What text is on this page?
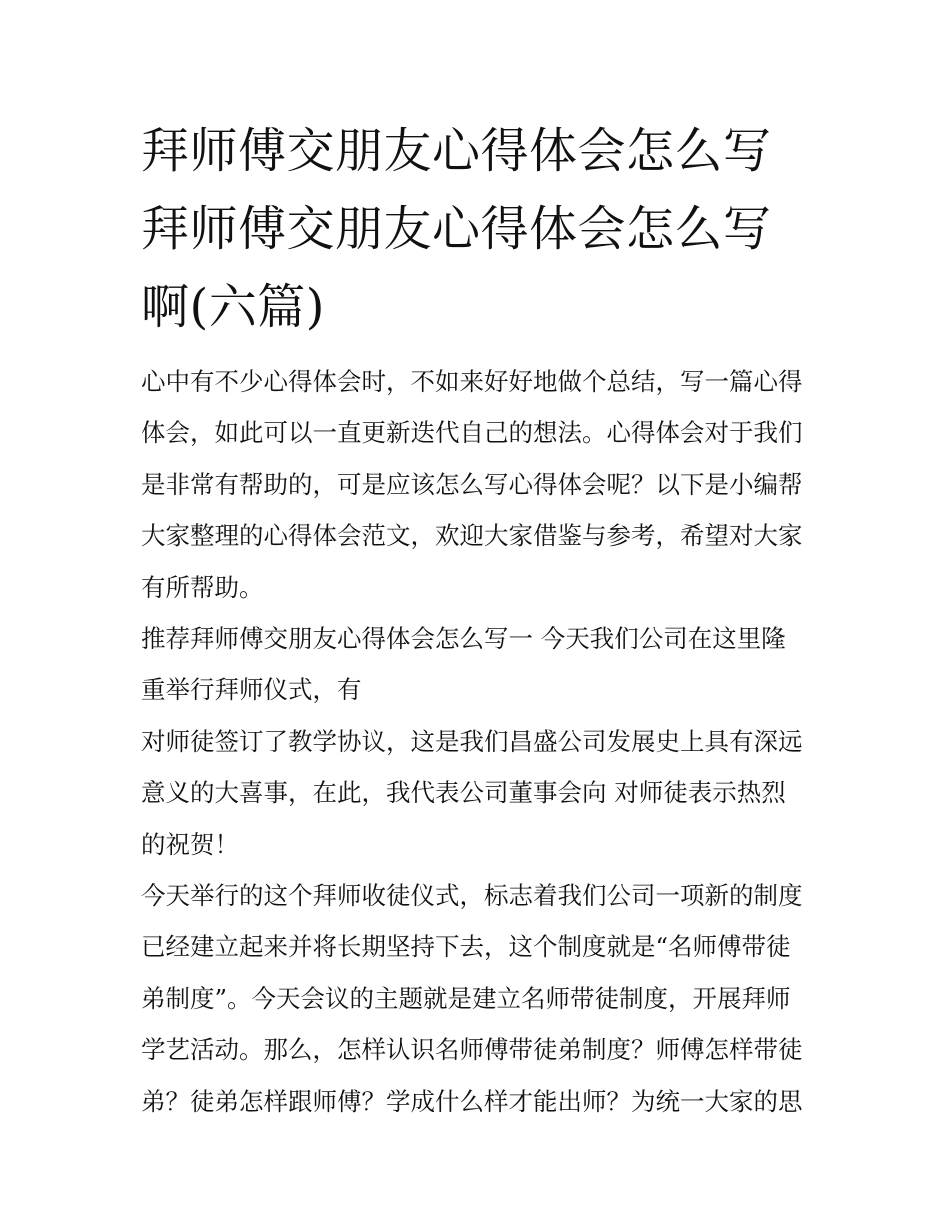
拜师傅交朋友心得体会怎么写
拜师傅交朋友心得体会怎么写
啊(六篇)

心中有不少心得体会时，不如来好好地做个总结，写一篇心得
体会，如此可以一直更新迭代自己的想法。心得体会对于我们
是非常有帮助的，可是应该怎么写心得体会呢？以下是小编帮
大家整理的心得体会范文，欢迎大家借鉴与参考，希望对大家
有所帮助。

推荐拜师傅交朋友心得体会怎么写一 今天我们公司在这里隆
重举行拜师仪式，有

对师徒签订了教学协议，这是我们昌盛公司发展史上具有深远
意义的大喜事，在此，我代表公司董事会向 对师徒表示热烈
的祝贺！

今天举行的这个拜师收徒仪式，标志着我们公司一项新的制度
已经建立起来并将长期坚持下去，这个制度就是“名师傅带徒
弟制度”。今天会议的主题就是建立名师带徒制度，开展拜师
学艺活动。那么，怎样认识名师傅带徒弟制度？师傅怎样带徒
弟？徒弟怎样跟师傅？学成什么样才能出师？为统一大家的思
